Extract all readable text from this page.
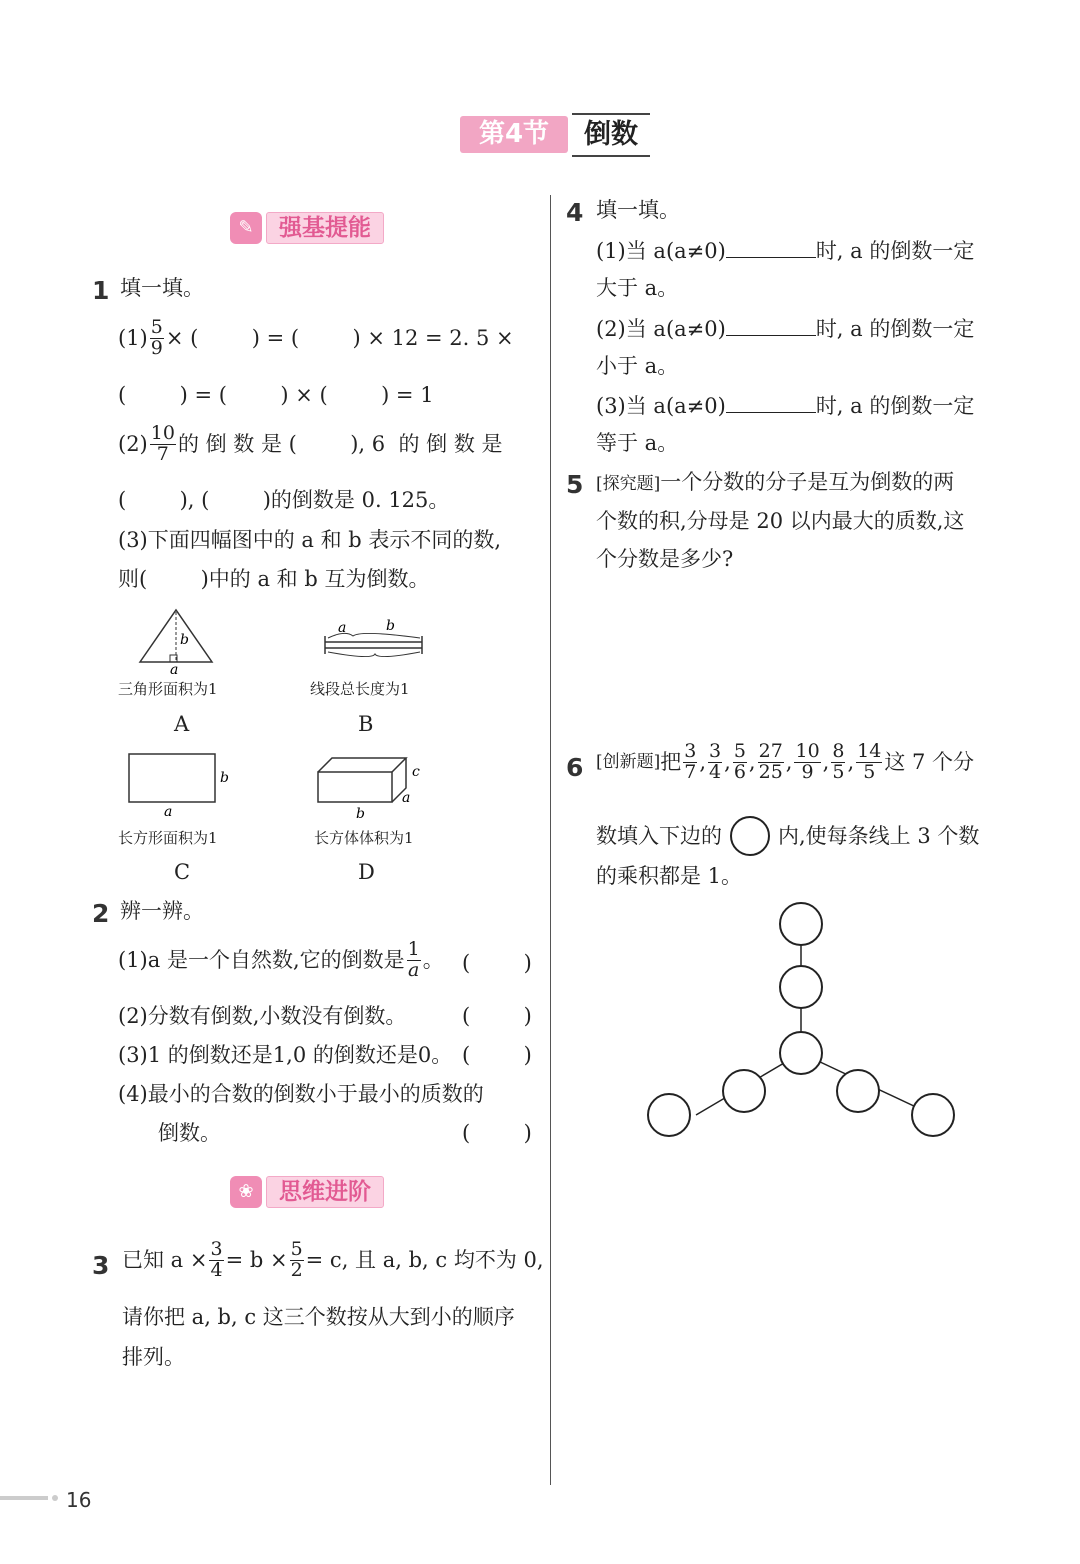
第4节	倒数
✎	强基提能
1 填一填。
$(1) \frac{5}{9}$ × (        ) = (        ) × 12 = 2. 5 ×
(        ) = (        ) × (        ) = 1
$(2) \frac{10}{7}$ 的 倒 数 是 (        ), 6  的 倒 数 是
(        ), (        )的倒数是 0. 125。
(3)下面四幅图中的 a 和 b 表示不同的数,
则(        )中的 a 和 b 互为倒数。
b
a
a	b
b
a
c
a
b
三角形面积为1	线段总长度为1
A	B
长方形面积为1	长方体体积为1
C	D
2 辨一辨。
(1)a 是一个自然数,它的倒数是 $\frac{1}{a}$ 。 (        )
(2)分数有倒数,小数没有倒数。	(        )
(3)1 的倒数还是1,0 的倒数还是0。 (        )
(4)最小的合数的倒数小于最小的质数的
倒数。	(        )
❀	思维进阶
3 已知 $a \times \frac{3}{4} = b \times \frac{5}{2} = c$, 且 a, b, c 均不为 0,
请你把 a, b, c 这三个数按从大到小的顺序
排列。
4 填一填。
(1)当 a(a≠0)	时, a 的倒数一定
大于 a。
(2)当 a(a≠0)	时, a 的倒数一定
小于 a。
(3)当 a(a≠0)	时, a 的倒数一定
等于 a。
5 [探究题]一个分数的分子是互为倒数的两
个数的积,分母是 20 以内最大的质数,这
个分数是多少?
6 [创新题] 把 $\frac{3}{7}$ , $\frac{3}{4}$ , $\frac{5}{6}$ , $\frac{27}{25}$ , $\frac{10}{9}$ , $\frac{8}{5}$ , $\frac{14}{5}$ 这 7 个分
数填入下边的	内,使每条线上 3 个数
的乘积都是 1。
16
